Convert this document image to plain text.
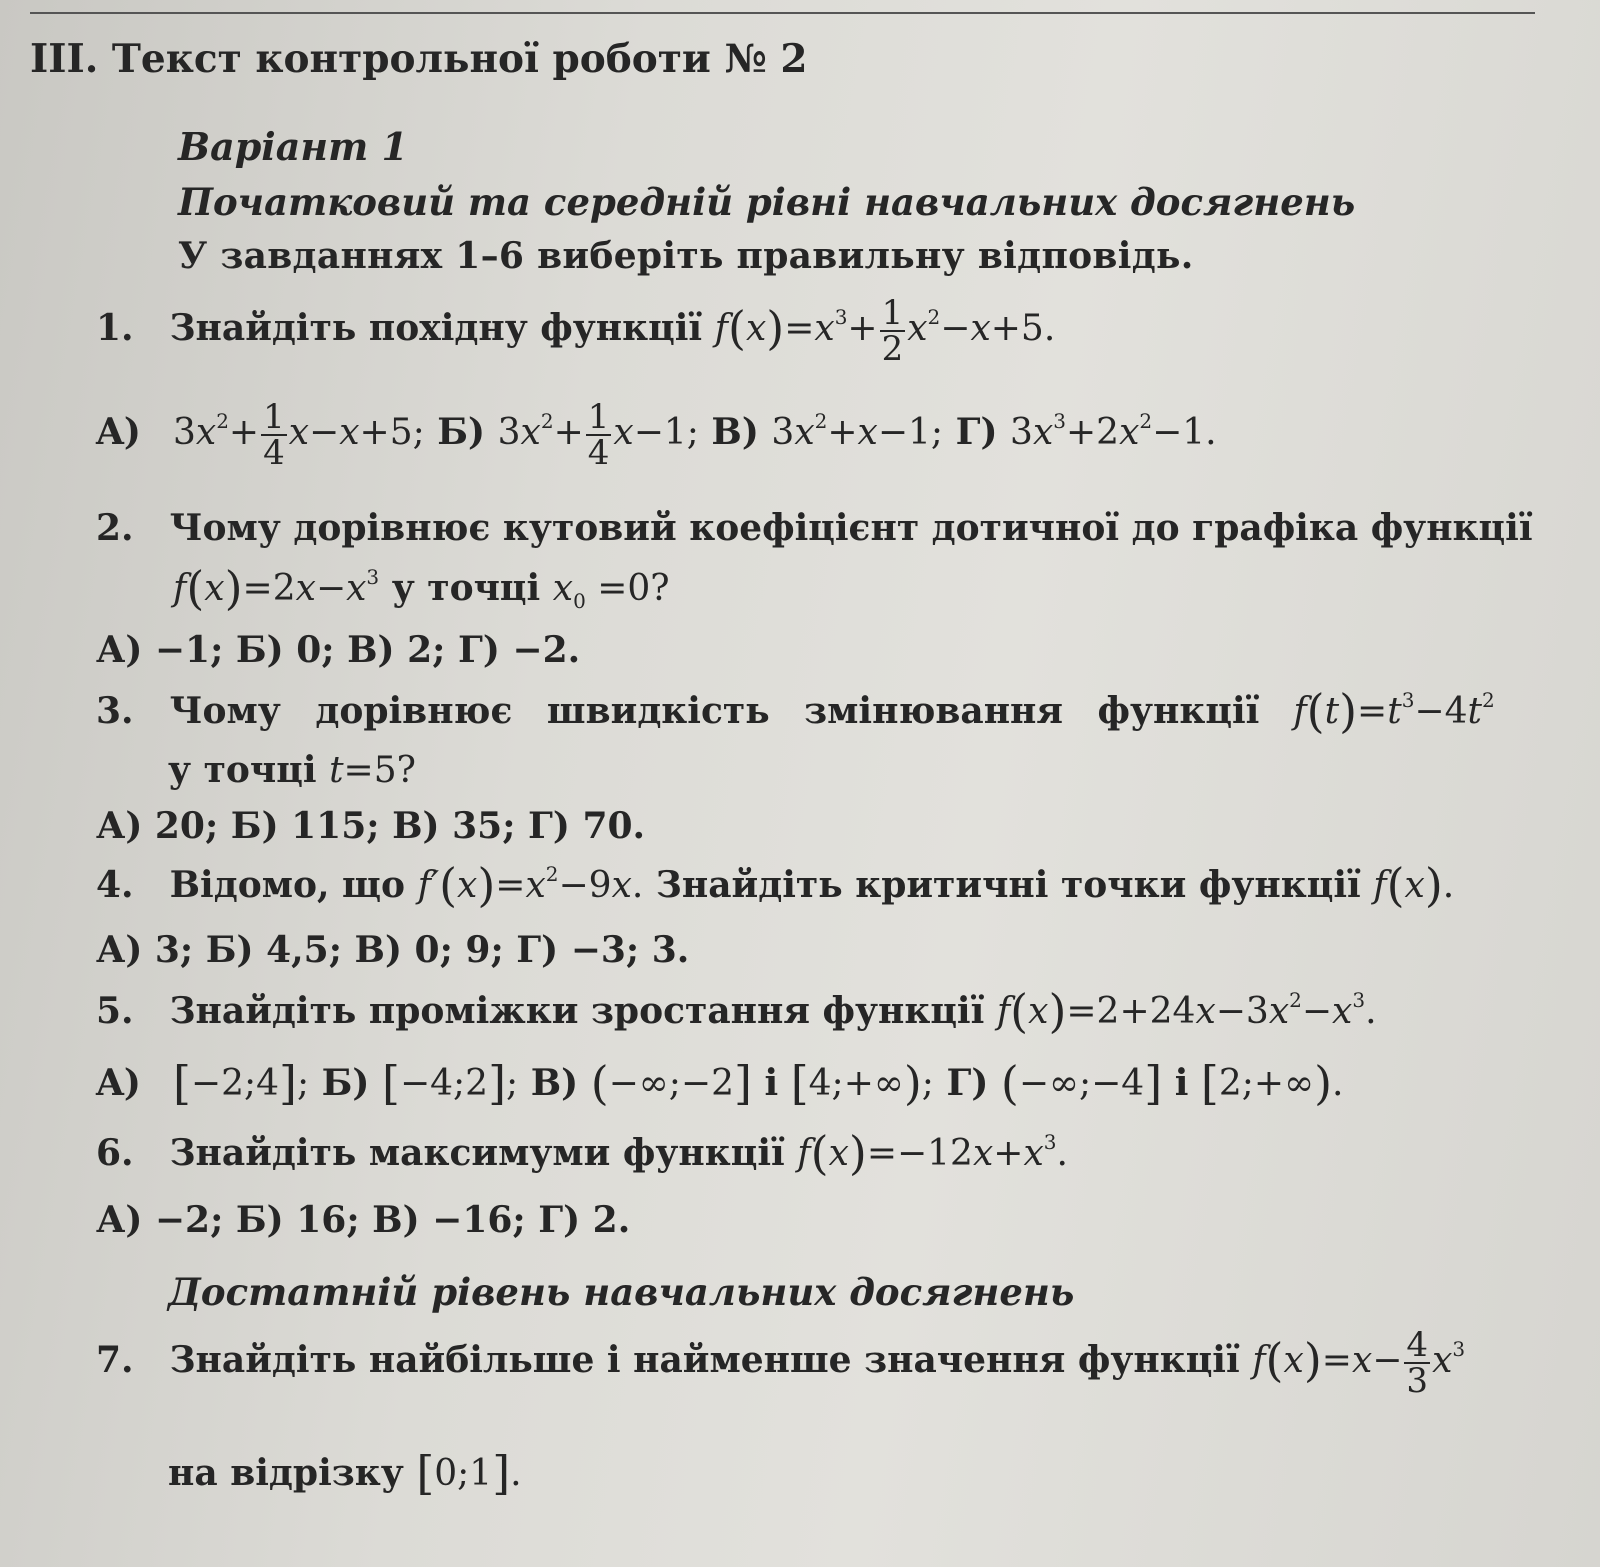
III. Текст контрольної роботи № 2
Варіант 1
Початковий та середній рівні навчальних досягнень
У завданнях 1–6 виберіть правильну відповідь.
1. Знайдіть похідну функції $f(x)=x^3+ \frac{1}{2} x^2-x+5$.
A) $3x^2+ \frac{1}{4} x-x+5$; Б) $3x^2+ \frac{1}{4} x-1$; В) $3x^2+x-1$; Г) $3x^3+2x^2-1$.
2. Чому дорівнює кутовий коефіцієнт дотичної до графіка функції
$f(x)=2x-x^3$ у точці $x_0 =0$?
А) −1; Б) 0; В) 2; Г) −2.
3. Чому дорівнює швидкість змінювання функції $f(t)=t^3-4t^2$
у точці t=5?
А) 20; Б) 115; В) 35; Г) 70.
4. Відомо, що $f'(x)=x^2-9x$. Знайдіть критичні точки функції f(x).
А) 3; Б) 4,5; В) 0; 9; Г) −3; 3.
5. Знайдіть проміжки зростання функції $f(x)=2+24x-3x^2-x^3$.
A) [−2;4]; Б) [−4;2]; В) (−∞;−2] і [4;+∞); Г) (−∞;−4] і [2;+∞).
6. Знайдіть максимуми функції $f(x)=-12x+x^3$.
А) −2; Б) 16; В) −16; Г) 2.
Достатній рівень навчальних досягнень
7. Знайдіть найбільше і найменше значення функції $f(x)=x- \frac{4}{3} x^3$
на відрізку [0;1].
